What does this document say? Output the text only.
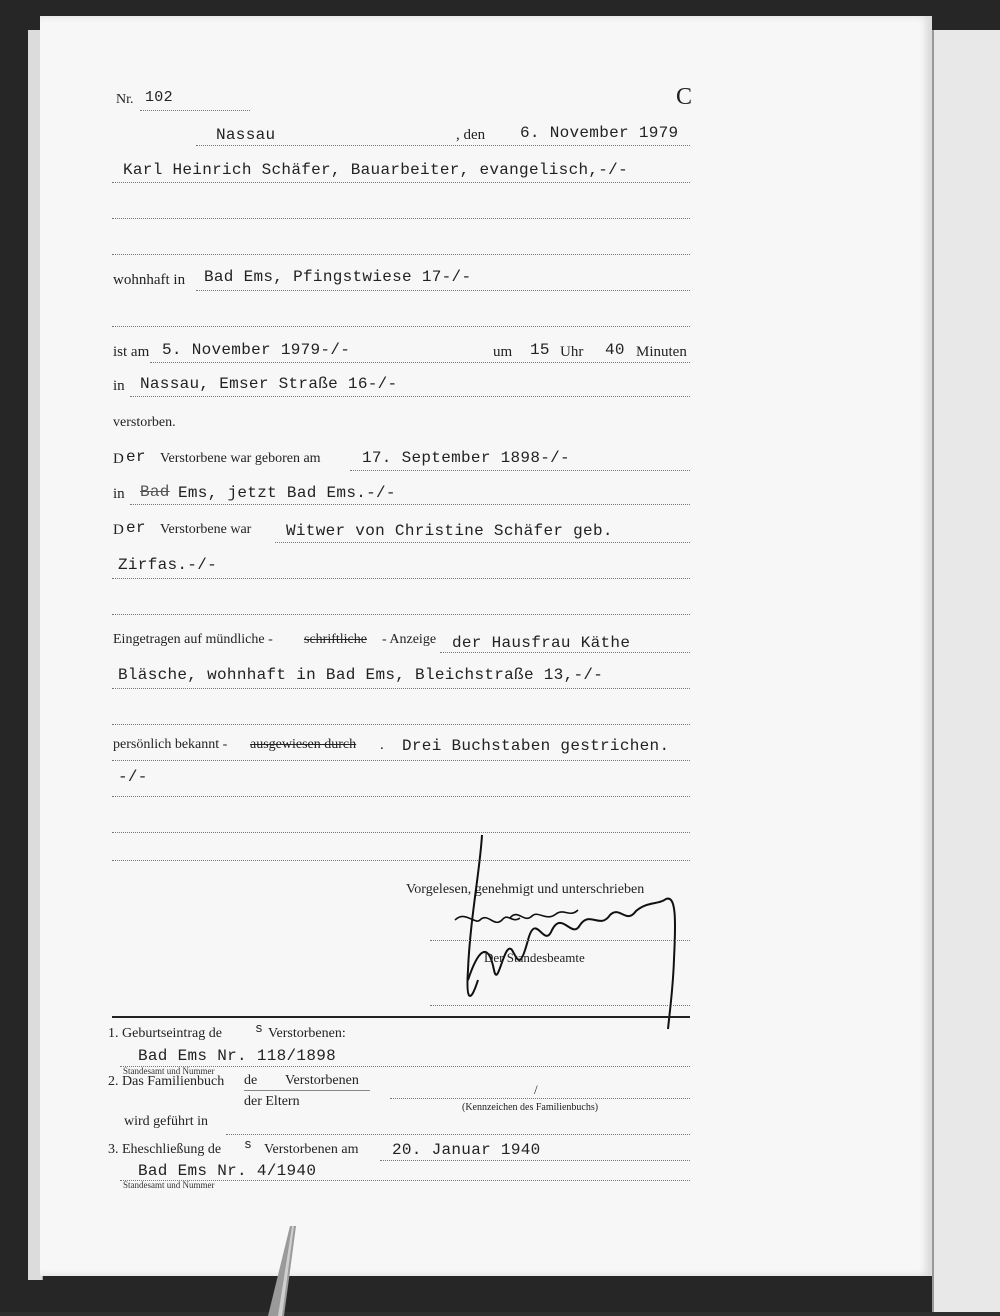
Nr. 102	C
Nassau	, den 6. November 1979
Karl Heinrich Schäfer, Bauarbeiter, evangelisch,-/-
wohnhaft in Bad Ems, Pfingstwiese 17-/-
ist am 5. November 1979-/-	um 15 Uhr 40 Minuten
in Nassau, Emser Straße 16-/-
verstorben.
D er Verstorbene war geboren am	17. September 1898-/-
in Bad Ems, jetzt Bad Ems.-/-
D er Verstorbene war Witwer von Christine Schäfer geb.
Zirfas.-/-
Eingetragen auf mündliche - schriftliche - Anzeige der Hausfrau Käthe
Bläsche, wohnhaft in Bad Ems, Bleichstraße 13,-/-
persönlich bekannt - ausgewiesen durch . Drei Buchstaben gestrichen.
-/-
Vorgelesen, genehmigt und unterschrieben
Der Standesbeamte
1. Geburtseintrag de	s Verstorbenen:
Bad Ems Nr. 118/1898
Standesamt und Nummer
2. Das Familienbuch de Verstorbenen
der Eltern
/
(Kennzeichen des Familienbuchs)
wird geführt in
3. Eheschließung de s Verstorbenen am 20. Januar 1940
Bad Ems Nr. 4/1940
Standesamt und Nummer
